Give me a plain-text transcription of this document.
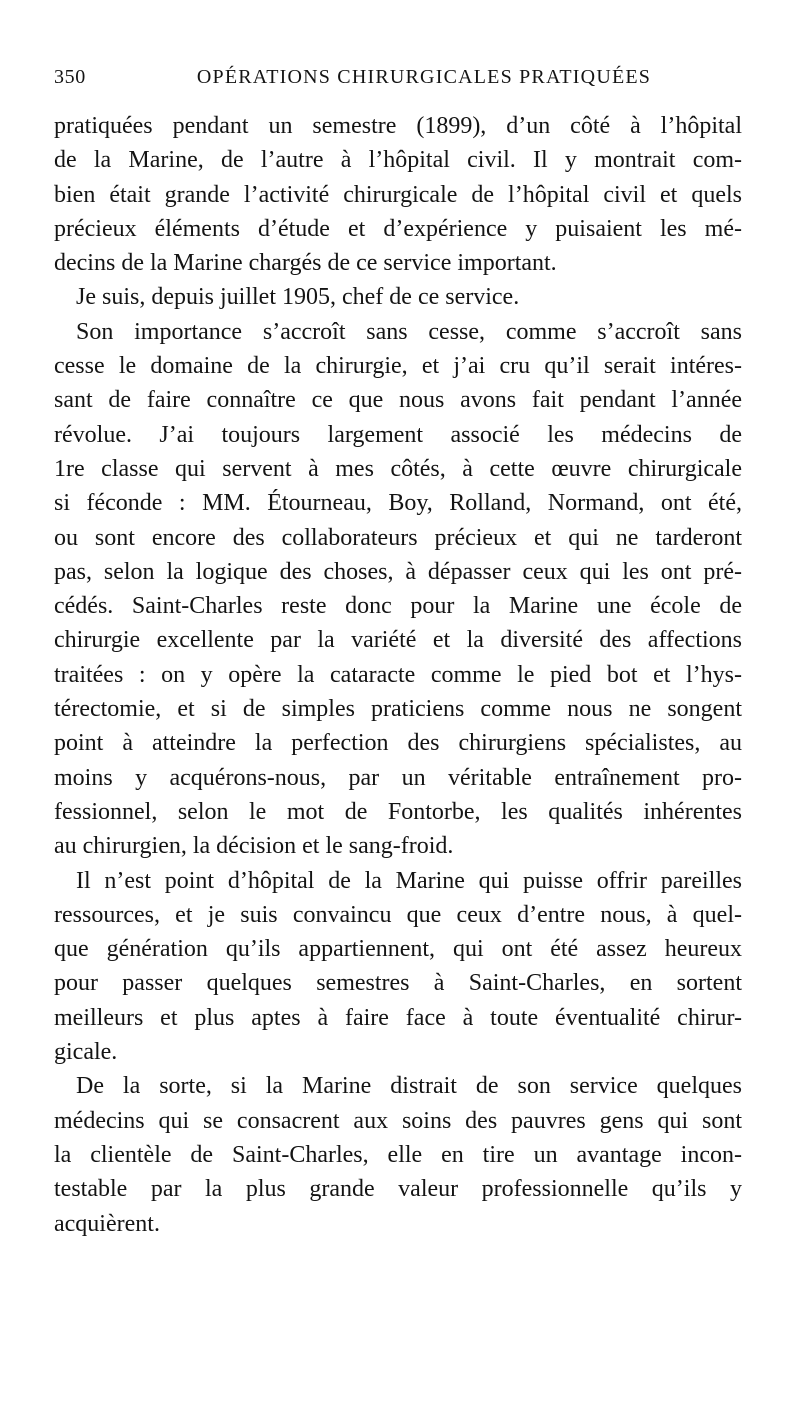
350	OPÉRATIONS CHIRURGICALES PRATIQUÉES
pratiquées pendant un semestre (1899), d’un côté à l’hôpital
de la Marine, de l’autre à l’hôpital civil. Il y montrait com-
bien était grande l’activité chirurgicale de l’hôpital civil et quels
précieux éléments d’étude et d’expérience y puisaient les mé-
decins de la Marine chargés de ce service important.
Je suis, depuis juillet 1905, chef de ce service.
Son importance s’accroît sans cesse, comme s’accroît sans
cesse le domaine de la chirurgie, et j’ai cru qu’il serait intéres-
sant de faire connaître ce que nous avons fait pendant l’année
révolue. J’ai toujours largement associé les médecins de
1re classe qui servent à mes côtés, à cette œuvre chirurgicale
si féconde : MM. Étourneau, Boy, Rolland, Normand, ont été,
ou sont encore des collaborateurs précieux et qui ne tarderont
pas, selon la logique des choses, à dépasser ceux qui les ont pré-
cédés. Saint-Charles reste donc pour la Marine une école de
chirurgie excellente par la variété et la diversité des affections
traitées : on y opère la cataracte comme le pied bot et l’hys-
térectomie, et si de simples praticiens comme nous ne songent
point à atteindre la perfection des chirurgiens spécialistes, au
moins y acquérons-nous, par un véritable entraînement pro-
fessionnel, selon le mot de Fontorbe, les qualités inhérentes
au chirurgien, la décision et le sang-froid.
Il n’est point d’hôpital de la Marine qui puisse offrir pareilles
ressources, et je suis convaincu que ceux d’entre nous, à quel-
que génération qu’ils appartiennent, qui ont été assez heureux
pour passer quelques semestres à Saint-Charles, en sortent
meilleurs et plus aptes à faire face à toute éventualité chirur-
gicale.
De la sorte, si la Marine distrait de son service quelques
médecins qui se consacrent aux soins des pauvres gens qui sont
la clientèle de Saint-Charles, elle en tire un avantage incon-
testable par la plus grande valeur professionnelle qu’ils y
acquièrent.
